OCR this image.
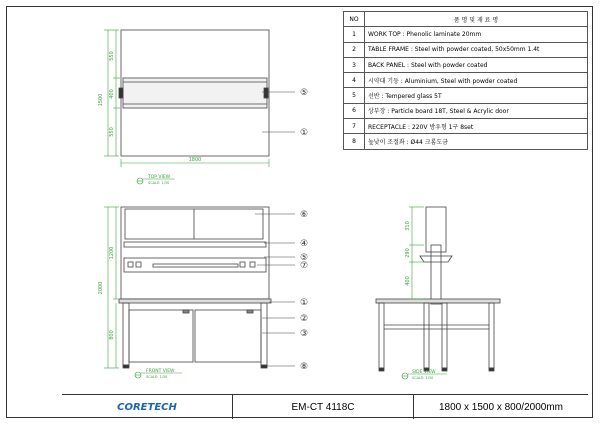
⑤
①
⑥
④
⑤
⑦
①
②
③
⑧
1500
550
400
550
1800
2000
1200
800
310
290
400
TOP VIEW
SCALE: 1/30
FRONT VIEW
SCALE: 1/30
SIDE VIEW
SCALE: 1/30
NO	품 명 및 재 료 명
1	WORK TOP : Phenolic laminate 20mm
2	TABLE FRAME : Steel with powder coated, 50x50mm 1.4t
3	BACK PANEL : Steel with powder coated
4	시약대 기둥 : Aluminium, Steel with powder coated
5	선반 : Tempered glass 5T
6	상부장 : Particle board 18T, Steel & Acrylic door
7	RECEPTACLE : 220V 방우형 1구 8set
8	높낮이 조절좌 : Ø44 크롬도금
CORETECH	EM-CT 4118C	1800 x 1500 x 800/2000mm
